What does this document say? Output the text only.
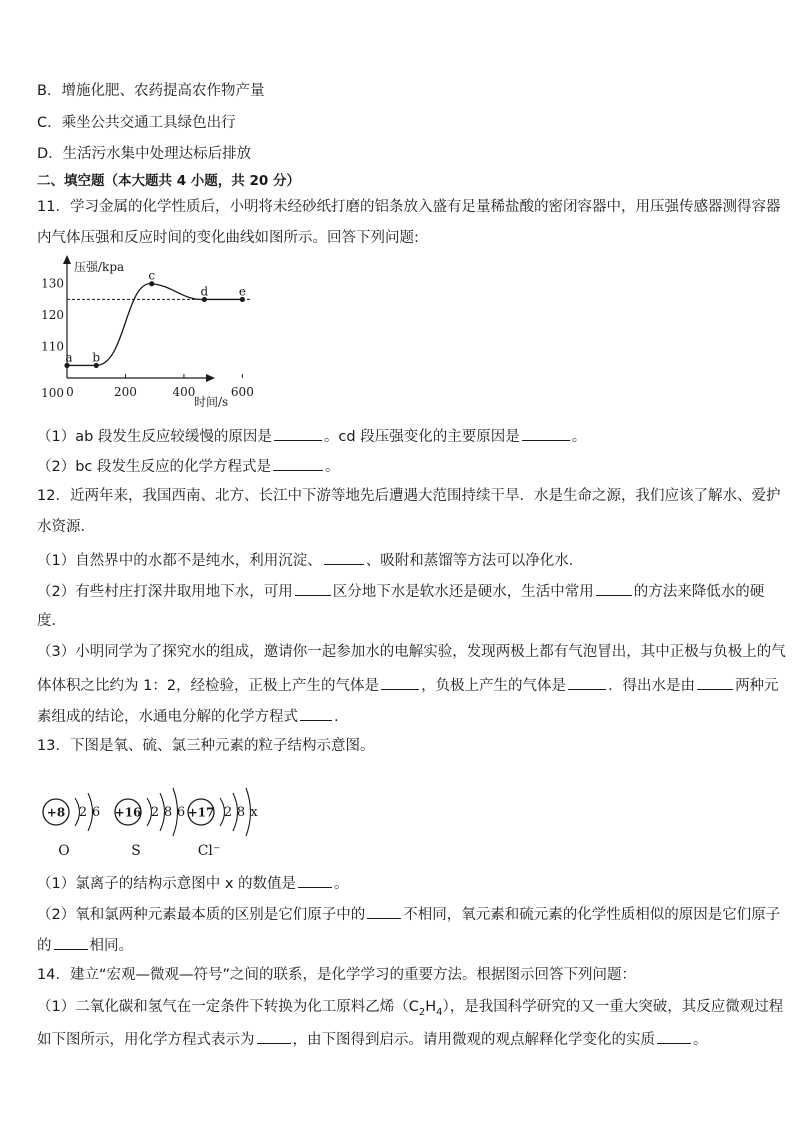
B．增施化肥、农药提高农作物产量
C．乘坐公共交通工具绿色出行
D．生活污水集中处理达标后排放
二、填空题（本大题共 4 小题，共 20 分）
11．学习金属的化学性质后，小明将未经砂纸打磨的铝条放入盛有足量稀盐酸的密闭容器中，用压强传感器测得容器
内气体压强和反应时间的变化曲线如图所示。回答下列问题:
压强/kpa
时间/s
0	200	400	600
100
110
120
130
a b
c
d	e
（1）ab 段发生反应较缓慢的原因是	。cd 段压强变化的主要原因是	。
（2）bc 段发生反应的化学方程式是	。
12．近两年来，我国西南、北方、长江中下游等地先后遭遇大范围持续干旱．水是生命之源，我们应该了解水、爱护
水资源．
（1）自然界中的水都不是纯水，利用沉淀、	、吸附和蒸馏等方法可以净化水．
（2）有些村庄打深井取用地下水，可用	区分地下水是软水还是硬水，生活中常用	的方法来降低水的硬
度．
（3）小明同学为了探究水的组成，邀请你一起参加水的电解实验，发现两极上都有气泡冒出，其中正极与负极上的气
体体积之比约为 1：2，经检验，正极上产生的气体是	，负极上产生的气体是	．得出水是由	两种元
素组成的结论，水通电分解的化学方程式 .
13．下图是氧、硫、氯三种元素的粒子结构示意图。
+8 2 6
O
+16 2 8 6
S
+17 2 8 x
Cl⁻
（1）氯离子的结构示意图中 x 的数值是	。
（2）氧和氯两种元素最本质的区别是它们原子中的	不相同，氧元素和硫元素的化学性质相似的原因是它们原子
的	相同。
14．建立“宏观—微观—符号”之间的联系，是化学学习的重要方法。根据图示回答下列问题：
（1）二氧化碳和氢气在一定条件下转换为化工原料乙烯$(C_2H_4)$，是我国科学研究的又一重大突破，其反应微观过程
如下图所示，用化学方程式表示为	，由下图得到启示。请用微观的观点解释化学变化的实质	。
